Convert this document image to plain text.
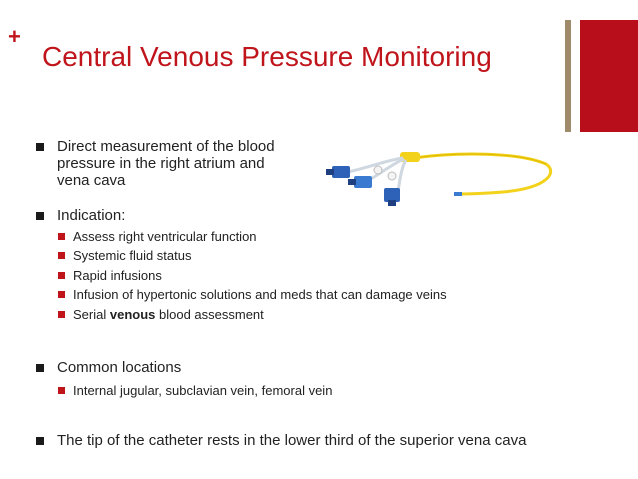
+
Central Venous Pressure Monitoring
Direct measurement of the blood
pressure in the right atrium and
vena cava
Indication:
Assess right ventricular function
Systemic fluid status
Rapid infusions
Infusion of hypertonic solutions and meds that can damage veins
Serial venous blood assessment
Common locations
Internal jugular, subclavian vein, femoral vein
The tip of the catheter rests in the lower third of the superior vena cava
